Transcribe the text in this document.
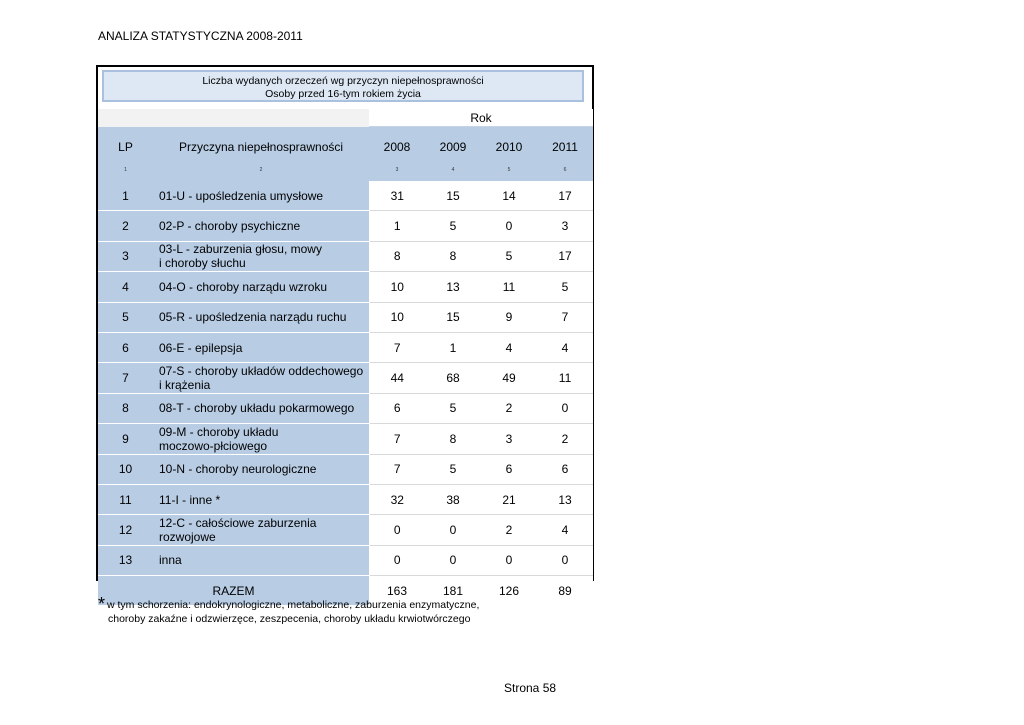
ANALIZA STATYSTYCZNA 2008-2011
Liczba wydanych orzeczeń wg przyczyn niepełnosprawności
Osoby przed 16-tym rokiem życia
		Rok			
LP	Przyczyna niepełnosprawności	2008	2009	2010	2011
1	2	3	4	5	6
1	01-U - upośledzenia umysłowe	31	15	14	17
2	02-P - choroby psychiczne	1	5	0	3
3	03-L - zaburzenia głosu, mowy
i choroby słuchu	8	8	5	17
4	04-O - choroby narządu wzroku	10	13	11	5
5	05-R - upośledzenia narządu ruchu	10	15	9	7
6	06-E - epilepsja	7	1	4	4
7	07-S - choroby układów oddechowego
i krążenia	44	68	49	11
8	08-T - choroby układu pokarmowego	6	5	2	0
9	09-M - choroby układu
moczowo-płciowego	7	8	3	2
10	10-N - choroby neurologiczne	7	5	6	6
11	11-I - inne *	32	38	21	13
12	12-C - całościowe zaburzenia
rozwojowe	0	0	2	4
13	inna	0	0	0	0
RAZEM		163	181	126	89
* w tym schorzenia: endokrynologiczne, metaboliczne, zaburzenia enzymatyczne,
choroby zakaźne i odzwierzęce, zeszpecenia, choroby układu krwiotwórczego
Strona 58
